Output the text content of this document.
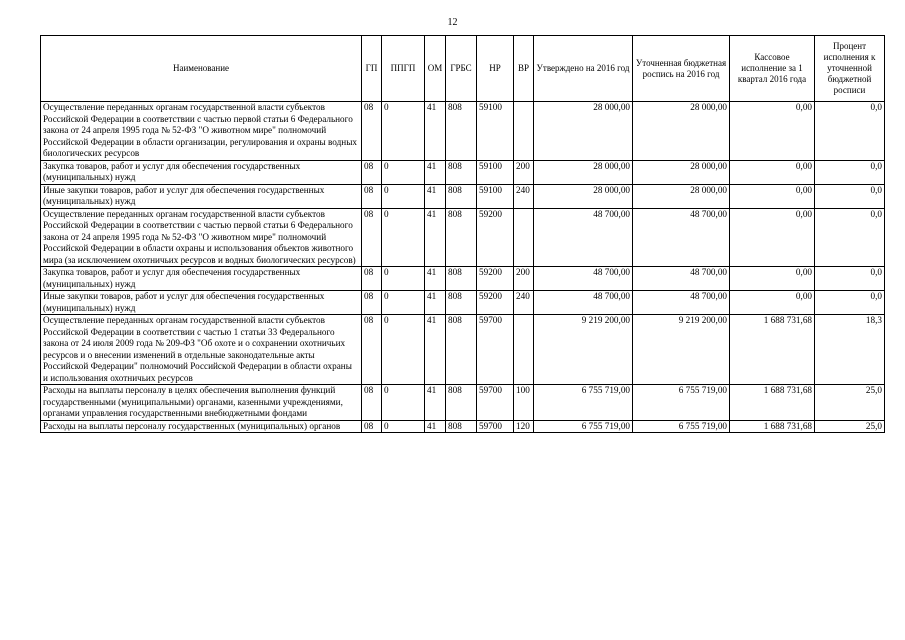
12
Наименование	ГП	ППГП	ОМ	ГРБС	НР	ВР	Утверждено на 2016 год	Уточненная бюджетная роспись на 2016 год	Кассовое исполнение за 1 квартал 2016 года	Процент исполнения к уточненной бюджетной росписи
Осуществление переданных органам государственной власти субъектов Российской Федерации в соответствии с частью первой статьи 6 Федерального закона от 24 апреля 1995 года № 52-ФЗ "О животном мире" полномочий Российской Федерации в области организации, регулирования и охраны водных биологических ресурсов	08	0	41	808	59100		28 000,00	28 000,00	0,00	0,0
Закупка товаров, работ и услуг для обеспечения государственных (муниципальных) нужд	08	0	41	808	59100	200	28 000,00	28 000,00	0,00	0,0
Иные закупки товаров, работ и услуг для обеспечения государственных (муниципальных) нужд	08	0	41	808	59100	240	28 000,00	28 000,00	0,00	0,0
Осуществление переданных органам государственной власти субъектов Российской Федерации в соответствии с частью первой статьи 6 Федерального закона от 24 апреля 1995 года № 52-ФЗ "О животном мире" полномочий Российской Федерации в области охраны и использования объектов животного мира (за исключением охотничьих ресурсов и водных биологических ресурсов)	08	0	41	808	59200		48 700,00	48 700,00	0,00	0,0
Закупка товаров, работ и услуг для обеспечения государственных (муниципальных) нужд	08	0	41	808	59200	200	48 700,00	48 700,00	0,00	0,0
Иные закупки товаров, работ и услуг для обеспечения государственных (муниципальных) нужд	08	0	41	808	59200	240	48 700,00	48 700,00	0,00	0,0
Осуществление переданных органам государственной власти субъектов Российской Федерации в соответствии с частью 1 статьи 33 Федерального закона от 24 июля 2009 года № 209-ФЗ "Об охоте и о сохранении охотничьих ресурсов и о внесении изменений в отдельные законодательные акты Российской Федерации" полномочий Российской Федерации в области охраны и использования охотничьих ресурсов	08	0	41	808	59700		9 219 200,00	9 219 200,00	1 688 731,68	18,3
Расходы на выплаты персоналу в целях обеспечения выполнения функций государственными (муниципальными) органами, казенными учреждениями, органами управления государственными внебюджетными фондами	08	0	41	808	59700	100	6 755 719,00	6 755 719,00	1 688 731,68	25,0
Расходы на выплаты персоналу государственных (муниципальных) органов	08	0	41	808	59700	120	6 755 719,00	6 755 719,00	1 688 731,68	25,0
